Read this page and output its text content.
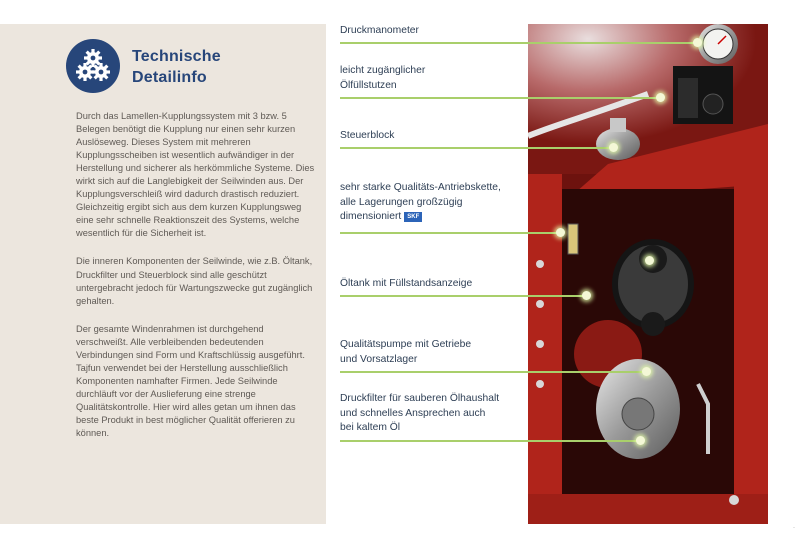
Technische
Detailinfo

Durch das Lamellen-Kupplungssystem mit 3 bzw. 5 Belegen benötigt die Kupplung nur einen sehr kurzen Auslöseweg. Dieses System mit mehreren Kupplungsscheiben ist wesentlich aufwändiger in der Herstellung und sicherer als herkömmliche Systeme. Dies wirkt sich auf die Langlebigkeit der Seilwinden aus. Der Kupplungsverschleiß wird dadurch drastisch reduziert. Gleichzeitig ergibt sich aus dem kurzen Kupplungsweg eine sehr schnelle Reaktionszeit des Systems, welche wesentlich für die Sicherheit ist.

Die inneren Komponenten der Seilwinde, wie z.B. Öltank, Druckfilter und Steuerblock sind alle geschützt untergebracht jedoch für Wartungszwecke gut zugänglich gehalten.

Der gesamte Windenrahmen ist durchgehend verschweißt. Alle verbleibenden bedeutenden Verbindungen sind Form und Kraftschlüssig ausgeführt. Tajfun verwendet bei der Herstellung ausschließlich Komponenten namhafter Firmen. Jede Seilwinde durchläuft vor der Auslieferung eine strenge Qualitätskontrolle. Hier wird alles getan um ihnen das beste Produkt in best möglicher Qualität offerieren zu können.

Druckmanometer
leicht zugänglicher
Ölfüllstutzen
Steuerblock
sehr starke Qualitäts-Antriebskette,
alle Lagerungen großzügig
dimensioniert SKF
Öltank mit Füllstandsanzeige
Qualitätspumpe mit Getriebe
und Vorsatzlager
Druckfilter für sauberen Ölhaushalt
und schnelles Ansprechen auch
bei kaltem Öl
·
